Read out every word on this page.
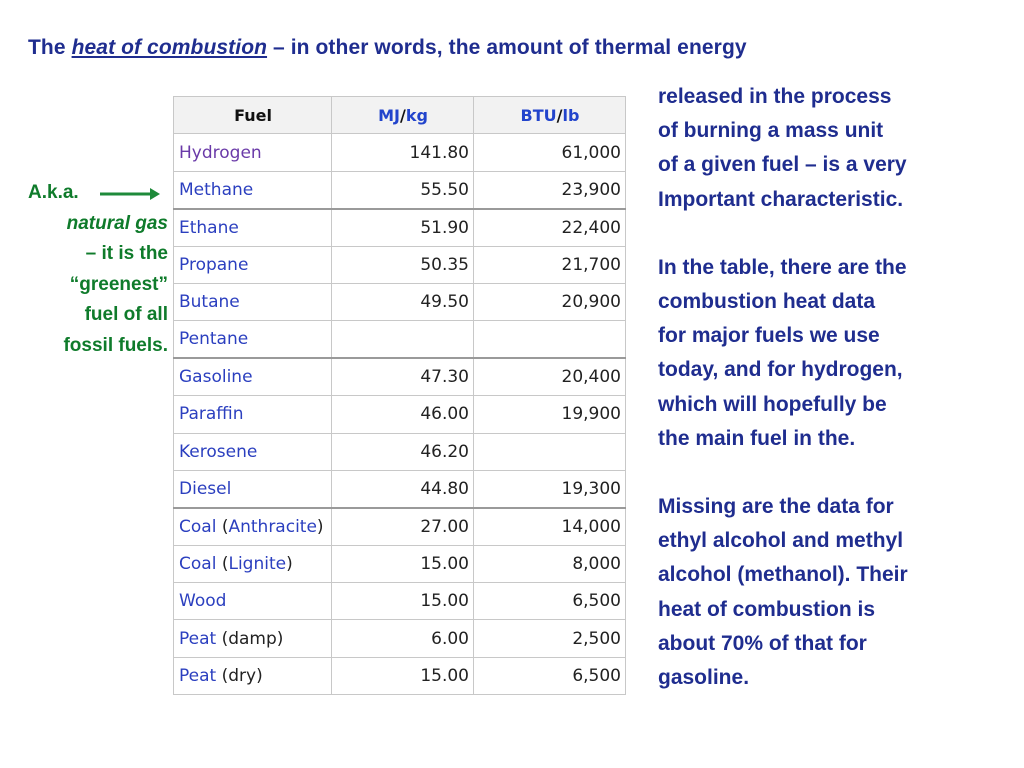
The heat of combustion – in other words, the amount of thermal energy
released in the process
of burning a mass unit
of a given fuel – is a very
Important characteristic.
In the table, there are the
combustion heat data
for major fuels we use
today, and for hydrogen,
which will hopefully be
the main fuel in the.
Missing are the data for
ethyl alcohol and methyl
alcohol (methanol). Their
heat of combustion is
about 70% of that for
gasoline.
A.k.a.
natural gas
– it is the
“greenest”
fuel of all
fossil fuels.
Fuel	MJ/kg	BTU/lb
Hydrogen	141.80	61,000
Methane	55.50	23,900
Ethane	51.90	22,400
Propane	50.35	21,700
Butane	49.50	20,900
Pentane		
Gasoline	47.30	20,400
Paraffin	46.00	19,900
Kerosene	46.20	
Diesel	44.80	19,300
Coal (Anthracite)	27.00	14,000
Coal (Lignite)	15.00	8,000
Wood	15.00	6,500
Peat (damp)	6.00	2,500
Peat (dry)	15.00	6,500
